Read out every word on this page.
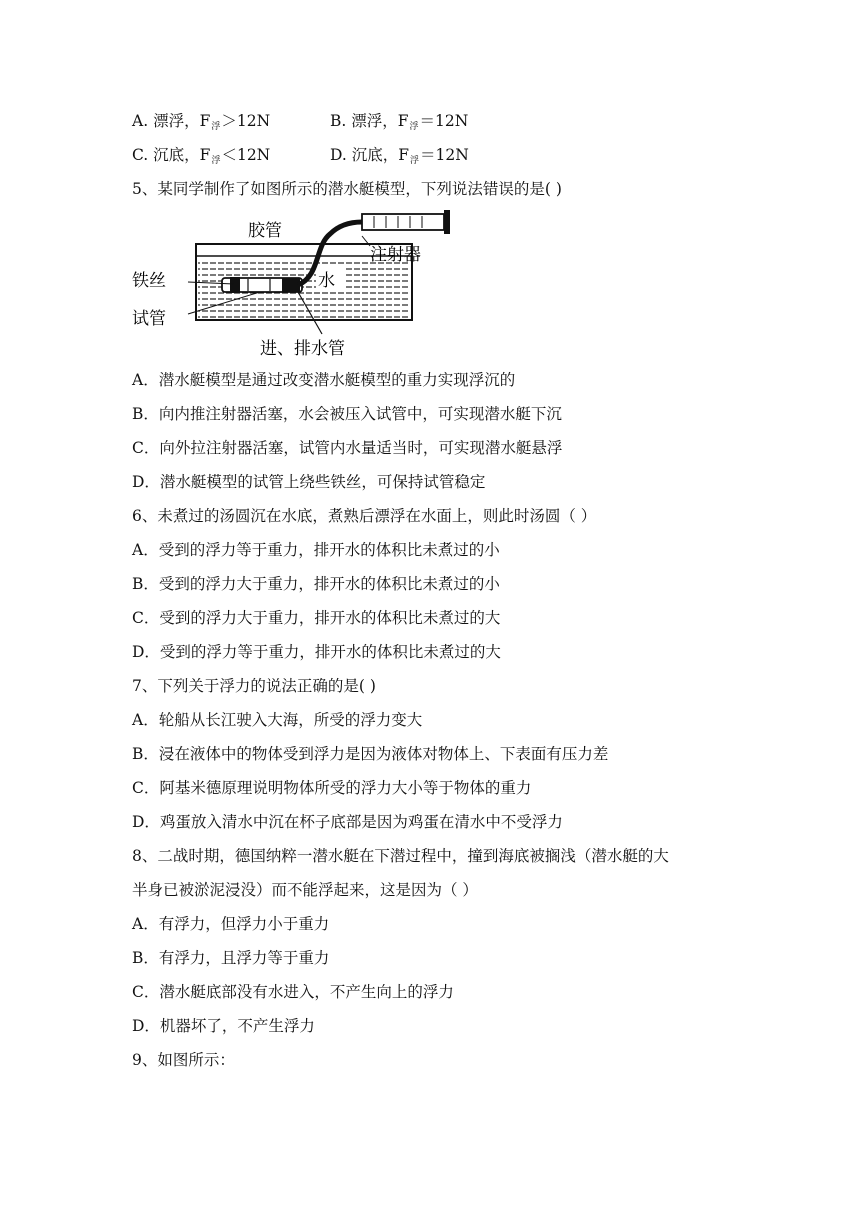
A. 漂浮，$F_浮>12N$	B. 漂浮，$F_浮=12N$
C. 沉底，$F_浮<12N$	D. 沉底，$F_浮=12N$
5、某同学制作了如图所示的潜水艇模型，下列说法错误的是( )
水
胶管
注射器
铁丝
试管
进、排水管
A．潜水艇模型是通过改变潜水艇模型的重力实现浮沉的
B．向内推注射器活塞，水会被压入试管中，可实现潜水艇下沉
C．向外拉注射器活塞，试管内水量适当时，可实现潜水艇悬浮
D．潜水艇模型的试管上绕些铁丝，可保持试管稳定
6、未煮过的汤圆沉在水底，煮熟后漂浮在水面上，则此时汤圆（ ）
A．受到的浮力等于重力，排开水的体积比未煮过的小
B．受到的浮力大于重力，排开水的体积比未煮过的小
C．受到的浮力大于重力，排开水的体积比未煮过的大
D．受到的浮力等于重力，排开水的体积比未煮过的大
7、下列关于浮力的说法正确的是( )
A．轮船从长江驶入大海，所受的浮力变大
B．浸在液体中的物体受到浮力是因为液体对物体上、下表面有压力差
C．阿基米德原理说明物体所受的浮力大小等于物体的重力
D．鸡蛋放入清水中沉在杯子底部是因为鸡蛋在清水中不受浮力
8、二战时期，德国纳粹一潜水艇在下潜过程中，撞到海底被搁浅（潜水艇的大
半身已被淤泥浸没）而不能浮起来，这是因为（ ）
A．有浮力，但浮力小于重力
B．有浮力，且浮力等于重力
C．潜水艇底部没有水进入，不产生向上的浮力
D．机器坏了，不产生浮力
9、如图所示：
